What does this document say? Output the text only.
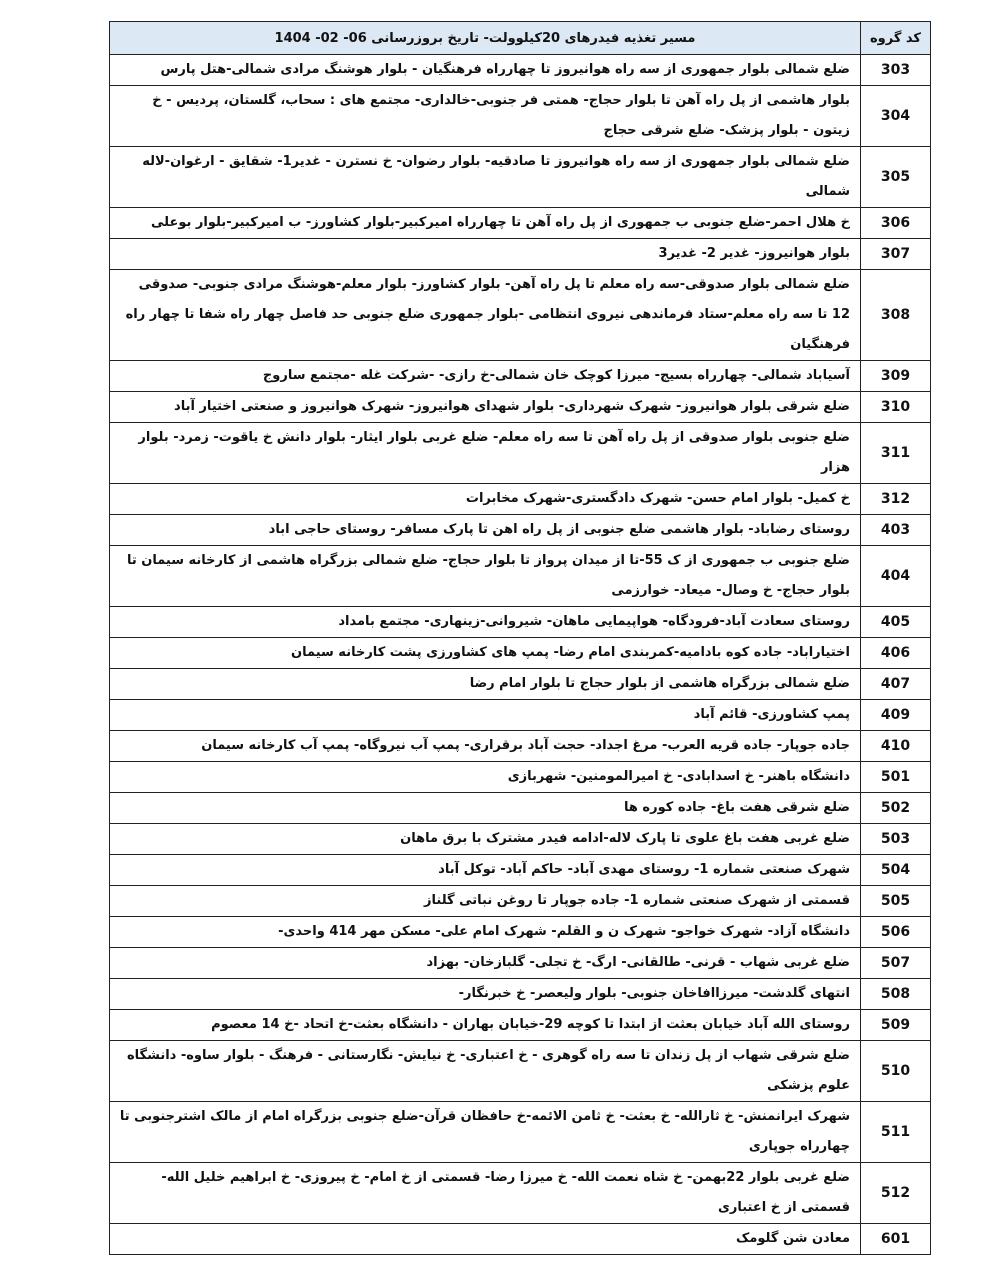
کد گروه	مسیر تغذیه فیدرهای 20کیلوولت- تاریخ بروزرسانی 06- 02- 1404
303	ضلع شمالی بلوار جمهوری از سه راه هوانیروز تا چهارراه فرهنگیان - بلوار هوشنگ مرادی شمالی-هتل پارس
304	بلوار هاشمی از پل راه آهن تا بلوار حجاج- همتی فر جنوبی-خالداری- مجتمع های : سحاب، گلستان، پردیس - خ زیتون - بلوار پزشک- ضلع شرقی حجاج
305	ضلع شمالی بلوار جمهوری از سه راه هوانیروز تا صادقیه- بلوار رضوان- خ نسترن - غدیر1- شقایق - ارغوان-لاله شمالی
306	خ هلال احمر-ضلع جنوبی ب جمهوری از پل راه آهن تا چهارراه امیرکبیر-بلوار کشاورز- ب امیرکبیر-بلوار بوعلی
307	بلوار هوانیروز- غدیر 2- غدیر3
308	ضلع شمالی بلوار صدوقی-سه راه معلم تا پل راه آهن- بلوار کشاورز- بلوار معلم-هوشنگ مرادی جنوبی- صدوقی 12 تا سه راه معلم-ستاد فرماندهی نیروی انتظامی -بلوار جمهوری ضلع جنوبی حد فاصل چهار راه شفا تا چهار راه فرهنگیان
309	آسیاباد شمالی- چهارراه بسیج- میرزا کوچک خان شمالی-خ رازی- -شرکت غله -مجتمع ساروج
310	ضلع شرقی بلوار هوانیروز- شهرک شهرداری- بلوار شهدای هوانیروز- شهرک هوانیروز و صنعتی اختیار آباد
311	ضلع جنوبی بلوار صدوقی از پل راه آهن تا سه راه معلم- ضلع غربی بلوار ایثار- بلوار دانش خ یاقوت- زمرد- بلوار هزار
312	خ کمیل- بلوار امام حسن- شهرک دادگستری-شهرک مخابرات
403	روستای رضاباد- بلوار هاشمی ضلع جنوبی از پل راه اهن تا پارک مسافر- روستای حاجی اباد
404	ضلع جنوبی ب جمهوری از ک 55-تا از میدان پرواز تا بلوار حجاج- ضلع شمالی بزرگراه هاشمی از کارخانه سیمان تا بلوار حجاج- خ وصال- میعاد- خوارزمی
405	روستای سعادت آباد-فرودگاه- هواپیمایی ماهان- شیروانی-زینهاری- مجتمع بامداد
406	اختیاراباد- جاده کوه بادامیه-کمربندی امام رضا- پمپ های کشاورزی پشت کارخانه سیمان
407	ضلع شمالی بزرگراه هاشمی از بلوار حجاج تا بلوار امام رضا
409	پمپ کشاورزی- قائم آباد
410	جاده جوپار- جاده قریه العرب- مرغ اجداد- حجت آباد برقراری- پمپ آب نیروگاه- پمپ آب کارخانه سیمان
501	دانشگاه باهنر- خ اسدابادی- خ امیرالمومنین- شهربازی
502	ضلع شرقی هفت باغ- جاده کوره ها
503	ضلع غربی هفت باغ علوی تا پارک لاله-ادامه فیدر مشترک با برق ماهان
504	شهرک صنعتی شماره 1- روستای مهدی آباد- حاکم آباد- توکل آباد
505	قسمتی از شهرک صنعتی شماره 1- جاده جوپار تا روغن نباتی گلناز
506	دانشگاه آزاد- شهرک خواجو- شهرک ن و القلم- شهرک امام علی- مسکن مهر 414 واحدی-
507	ضلع غربی شهاب - قرنی- طالقانی- ارگ- خ تجلی- گلبازخان- بهزاد
508	انتهای گلدشت- میرزاافاخان جنوبی- بلوار ولیعصر- خ خبرنگار-
509	روستای الله آباد خیابان بعثت از ابتدا تا کوچه 29-خیابان بهاران - دانشگاه بعثت-خ اتحاد -خ 14 معصوم
510	ضلع شرقی شهاب از پل زندان تا سه راه گوهری - خ اعتباری- خ نیایش- نگارستانی - فرهنگ - بلوار ساوه- دانشگاه علوم پزشکی
511	شهرک ایرانمنش- خ ثارالله- خ بعثت- خ ثامن الائمه-خ حافظان قرآن-ضلع جنوبی بزرگراه امام از مالک اشترجنوبی تا چهارراه جوپاری
512	ضلع غربی بلوار 22بهمن- خ شاه نعمت الله- خ میرزا رضا- قسمتی از خ امام- خ پیروزی- خ ابراهیم خلیل الله- قسمتی از خ اعتباری
601	معادن شن گلومک
